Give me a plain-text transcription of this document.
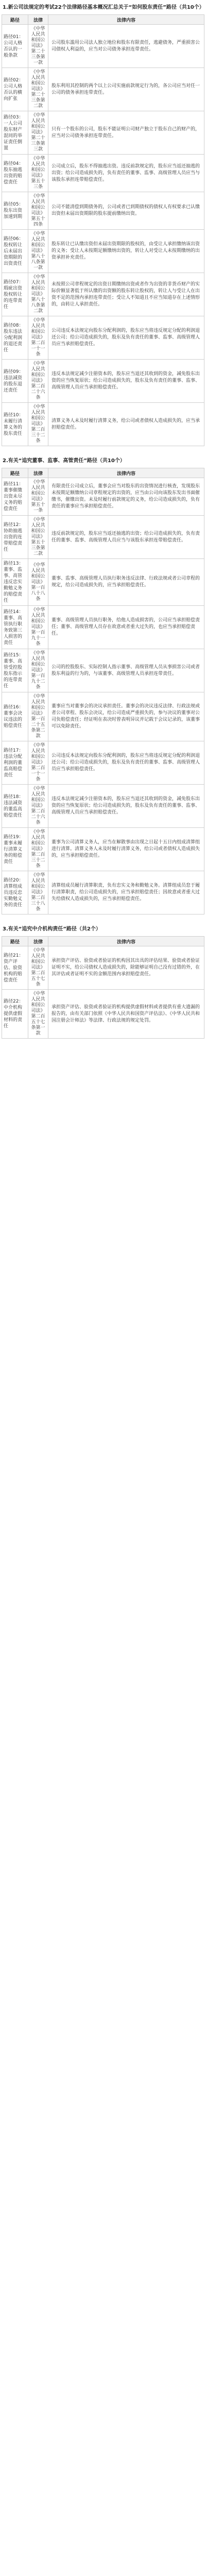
1.新公司法规定的考试22个法律路径基本概况汇总关于“如何股东责任”路径（共10个）
路径	法律	法律内容
路径01：公司人格否认的一般条款	《中华人民共和国公司法》第二十三条第一款	公司股东滥用公司法人独立地位和股东有限责任，逃避债务，严重损害公司债权人利益的，应当对公司债务承担连带责任。
路径02：公司人格否认的横向扩张	《中华人民共和国公司法》第二十三条第二款	股东利用其控制的两个以上公司实施前款规定行为的，各公司应当对任一公司的债务承担连带责任。
路径03：一人公司股东财产混同的举证责任倒置	《中华人民共和国公司法》第二十三条第三款	只有一个股东的公司，股东不能证明公司财产独立于股东自己的财产的，应当对公司债务承担连带责任。
路径04：股东抽逃出资的赔偿责任	《中华人民共和国公司法》第五十三条	公司成立后，股东不得抽逃出资。违反前款规定的，股东应当返还抽逃的出资；给公司造成损失的，负有责任的董事、监事、高级管理人员应当与该股东承担连带赔偿责任。
路径05：股东出资加速到期	《中华人民共和国公司法》第五十四条	公司不能清偿到期债务的，公司或者已到期债权的债权人有权要求已认缴出资但未届出资期限的股东提前缴纳出资。
路径06：股权转让后未届出资期限的出资责任	《中华人民共和国公司法》第八十八条第一款	股东转让已认缴出资但未届出资期限的股权的，由受让人承担缴纳该出资的义务；受让人未按期足额缴纳出资的，转让人对受让人未按期缴纳的出资承担补充责任。
路径07：瑕疵出资股权转让的连带责任	《中华人民共和国公司法》第八十八条第二款	未按照公司章程规定的出资日期缴纳出资或者作为出资的非货币财产的实际价额显著低于所认缴的出资额的股东转让股权的，转让人与受让人在出资不足的范围内承担连带责任；受让人不知道且不应当知道存在上述情形的，由转让人承担责任。
路径08：股东违法分配利润的退还责任	《中华人民共和国公司法》第二百一十一条	公司违反本法规定向股东分配利润的，股东应当将违反规定分配的利润退还公司；给公司造成损失的，股东及负有责任的董事、监事、高级管理人员应当承担赔偿责任。
路径09：违法减资的股东退还责任	《中华人民共和国公司法》第二百二十六条	违反本法规定减少注册资本的，股东应当退还其收到的资金，减免股东出资的应当恢复原状；给公司造成损失的，股东及负有责任的董事、监事、高级管理人员应当承担赔偿责任。
路径10：未履行清算义务的股东责任	《中华人民共和国公司法》第二百三十二条	清算义务人未及时履行清算义务，给公司或者债权人造成损失的，应当承担赔偿责任。
2.有关“追究董事、监事、高管责任”路径（共10个）
路径	法律	法律内容
路径11：董事催缴出资未尽义务的赔偿责任	《中华人民共和国公司法》第五十一条	有限责任公司成立后，董事会应当对股东的出资情况进行核查，发现股东未按期足额缴纳公司章程规定的出资的，应当由公司向该股东发出书面催缴书，催缴出资。未及时履行前款规定的义务，给公司造成损失的，负有责任的董事应当承担赔偿责任。
路径12：协助抽逃出资的连带赔偿责任	《中华人民共和国公司法》第五十三条第二款	违反前款规定的，股东应当返还抽逃的出资；给公司造成损失的，负有责任的董事、监事、高级管理人员应当与该股东承担连带赔偿责任。
路径13：董事、监事、高管违反忠实勤勉义务的赔偿责任	《中华人民共和国公司法》第一百八十八条	董事、监事、高级管理人员执行职务违反法律、行政法规或者公司章程的规定，给公司造成损失的，应当承担赔偿责任。
路径14：董事、高管执行职务致第三人损害的责任	《中华人民共和国公司法》第一百九十一条	董事、高级管理人员执行职务，给他人造成损害的，公司应当承担赔偿责任；董事、高级管理人员存在故意或者重大过失的，也应当承担赔偿责任。
路径15：董事、高管受控股股东指示的连带责任	《中华人民共和国公司法》第一百九十二条	公司的控股股东、实际控制人指示董事、高级管理人员从事损害公司或者股东利益的行为的，与该董事、高级管理人员承担连带责任。
路径16：董事会决议违法的赔偿责任	《中华人民共和国公司法》第一百二十五条第二款	董事应当对董事会的决议承担责任。董事会的决议违反法律、行政法规或者公司章程、股东会决议，给公司造成严重损失的，参与决议的董事对公司负赔偿责任；经证明在表决时曾表明异议并记载于会议记录的，该董事可以免除责任。
路径17：违法分配利润的董监高赔偿责任	《中华人民共和国公司法》第二百一十一条	公司违反本法规定向股东分配利润的，股东应当将违反规定分配的利润退还公司；给公司造成损失的，股东及负有责任的董事、监事、高级管理人员应当承担赔偿责任。
路径18：违法减资的董监高赔偿责任	《中华人民共和国公司法》第二百二十六条	违反本法规定减少注册资本的，股东应当退还其收到的资金，减免股东出资的应当恢复原状；给公司造成损失的，股东及负有责任的董事、监事、高级管理人员应当承担赔偿责任。
路径19：董事未履行清算义务的赔偿责任	《中华人民共和国公司法》第二百三十二条	董事为公司清算义务人，应当在解散事由出现之日起十五日内组成清算组进行清算。清算义务人未及时履行清算义务，给公司或者债权人造成损失的，应当承担赔偿责任。
路径20：清算组成员违反忠实勤勉义务的责任	《中华人民共和国公司法》第二百三十八条	清算组成员履行清算职责，负有忠实义务和勤勉义务。清算组成员怠于履行清算职责，给公司造成损失的，应当承担赔偿责任；因故意或者重大过失给债权人造成损失的，应当承担赔偿责任。
3.有关“追究中介机构责任”路径（共2个）
路径	法律	法律内容
路径21：资产评估、验资机构的赔偿责任	《中华人民共和国公司法》第二百五十七条	承担资产评估、验资或者验证的机构因其出具的评估结果、验资或者验证证明不实，给公司债权人造成损失的，除能够证明自己没有过错的外，在其评估或者证明不实的金额范围内承担赔偿责任。
路径22：中介机构提供虚假材料的责任	《中华人民共和国公司法》第二百五十七条第一款	承担资产评估、验资或者验证的机构提供虚假材料或者提供有重大遗漏的报告的，由有关部门依照《中华人民共和国资产评估法》、《中华人民共和国注册会计师法》等法律、行政法规的规定处罚。
